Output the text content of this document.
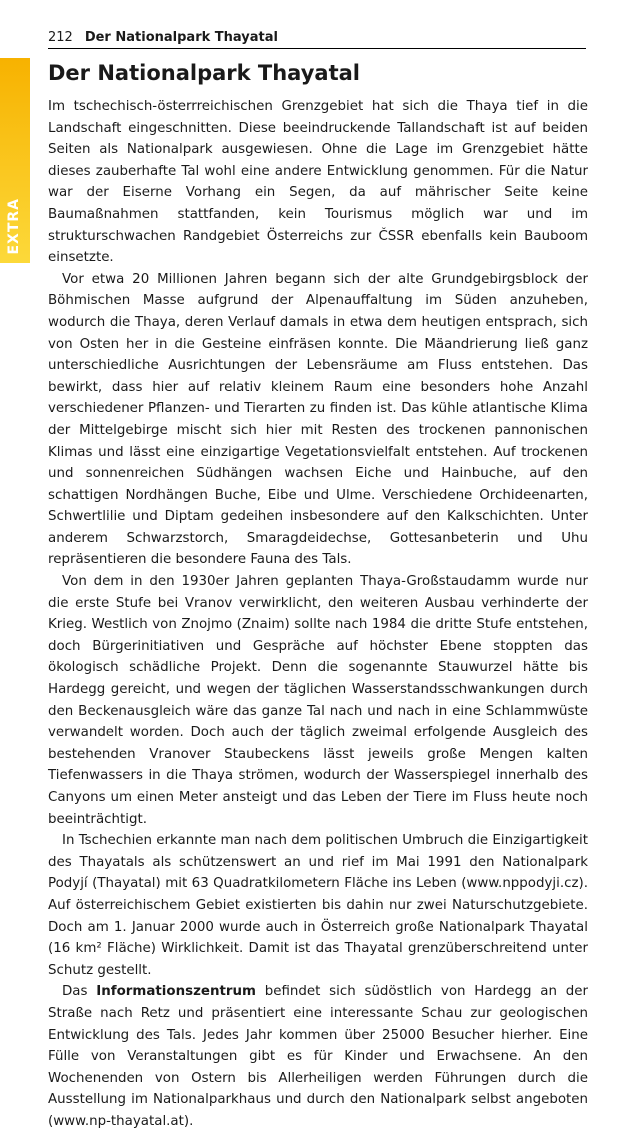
212 Der Nationalpark Thayatal
EXTRA
Der Nationalpark Thayatal

Im tschechisch-österrreichischen Grenzgebiet hat sich die Thaya tief in die Landschaft eingeschnitten. Diese beeindruckende Tallandschaft ist auf beiden Seiten als Nationalpark ausgewiesen. Ohne die Lage im Grenzgebiet hätte dieses zauberhafte Tal wohl eine andere Entwicklung genommen. Für die Natur war der Eiserne Vorhang ein Segen, da auf mährischer Seite keine Baumaßnahmen stattfanden, kein Tourismus möglich war und im strukturschwachen Randgebiet Österreichs zur ČSSR ebenfalls kein Bauboom einsetzte.

Vor etwa 20 Millionen Jahren begann sich der alte Grundgebirgsblock der Böhmischen Masse aufgrund der Alpenauffaltung im Süden anzuheben, wodurch die Thaya, deren Verlauf damals in etwa dem heutigen entsprach, sich von Osten her in die Gesteine einfräsen konnte. Die Mäandrierung ließ ganz unterschiedliche Ausrichtungen der Lebensräume am Fluss entstehen. Das bewirkt, dass hier auf relativ kleinem Raum eine besonders hohe Anzahl verschiedener Pflanzen- und Tierarten zu finden ist. Das kühle atlantische Klima der Mittelgebirge mischt sich hier mit Resten des trockenen pannonischen Klimas und lässt eine einzigartige Vegetationsvielfalt entstehen. Auf trockenen und sonnenreichen Südhängen wachsen Eiche und Hainbuche, auf den schattigen Nordhängen Buche, Eibe und Ulme. Verschiedene Orchideenarten, Schwertlilie und Diptam gedeihen insbesondere auf den Kalkschichten. Unter anderem Schwarzstorch, Smaragdeidechse, Gottesanbeterin und Uhu repräsentieren die besondere Fauna des Tals.

Von dem in den 1930er Jahren geplanten Thaya-Großstaudamm wurde nur die erste Stufe bei Vranov verwirklicht, den weiteren Ausbau verhinderte der Krieg. Westlich von Znojmo (Znaim) sollte nach 1984 die dritte Stufe entstehen, doch Bürgerinitiativen und Gespräche auf höchster Ebene stoppten das ökologisch schädliche Projekt. Denn die sogenannte Stauwurzel hätte bis Hardegg gereicht, und wegen der täglichen Wasserstandsschwankungen durch den Beckenausgleich wäre das ganze Tal nach und nach in eine Schlammwüste verwandelt worden. Doch auch der täglich zweimal erfolgende Ausgleich des bestehenden Vranover Staubeckens lässt jeweils große Mengen kalten Tiefenwassers in die Thaya strömen, wodurch der Wasserspiegel innerhalb des Canyons um einen Meter ansteigt und das Leben der Tiere im Fluss heute noch beeinträchtigt.

In Tschechien erkannte man nach dem politischen Umbruch die Einzigartigkeit des Thayatals als schützenswert an und rief im Mai 1991 den Nationalpark Podyjí (Thayatal) mit 63 Quadratkilometern Fläche ins Leben (www.nppodyji.cz). Auf österreichischem Gebiet existierten bis dahin nur zwei Naturschutzgebiete. Doch am 1. Januar 2000 wurde auch in Österreich große Nationalpark Thayatal (16 km² Fläche) Wirklichkeit. Damit ist das Thayatal grenzüberschreitend unter Schutz gestellt.

Das Informationszentrum befindet sich südöstlich von Hardegg an der Straße nach Retz und präsentiert eine interessante Schau zur geologischen Entwicklung des Tals. Jedes Jahr kommen über 25000 Besucher hierher. Eine Fülle von Veranstaltungen gibt es für Kinder und Erwachsene. An den Wochenenden von Ostern bis Allerheiligen werden Führungen durch die Ausstellung im Nationalparkhaus und durch den Nationalpark selbst angeboten (www.np-thayatal.at).
